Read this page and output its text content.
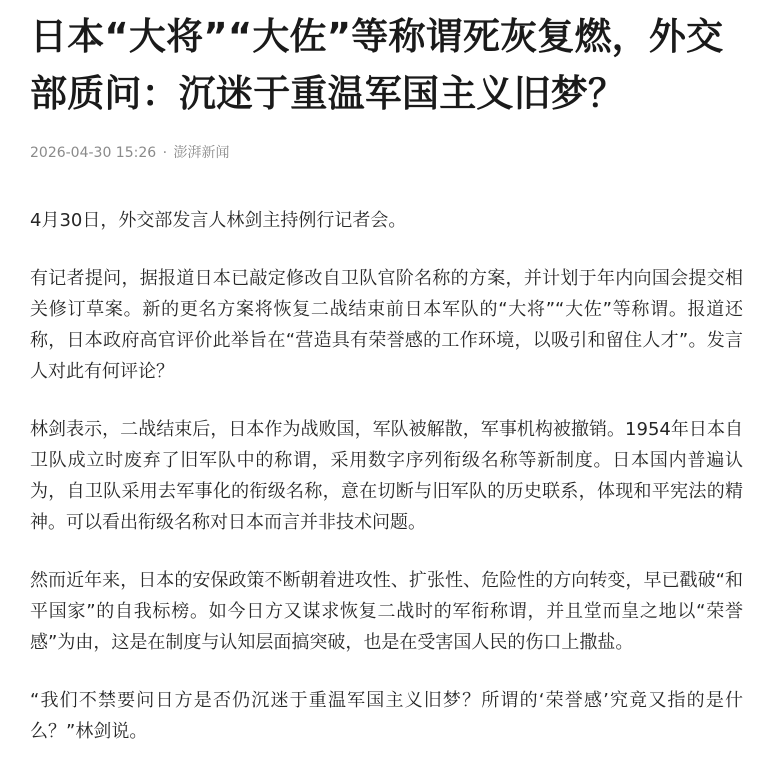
日本“大将”“大佐”等称谓死灰复燃，外交部质问：沉迷于重温军国主义旧梦？
2026-04-30 15:26 · 澎湃新闻

4月30日，外交部发言人林剑主持例行记者会。

有记者提问，据报道日本已敲定修改自卫队官阶名称的方案，并计划于年内向国会提交相关修订草案。新的更名方案将恢复二战结束前日本军队的“大将”“大佐”等称谓。报道还称，日本政府高官评价此举旨在“营造具有荣誉感的工作环境，以吸引和留住人才”。发言人对此有何评论？

林剑表示，二战结束后，日本作为战败国，军队被解散，军事机构被撤销。1954年日本自卫队成立时废弃了旧军队中的称谓，采用数字序列衔级名称等新制度。日本国内普遍认为，自卫队采用去军事化的衔级名称，意在切断与旧军队的历史联系，体现和平宪法的精神。可以看出衔级名称对日本而言并非技术问题。

然而近年来，日本的安保政策不断朝着进攻性、扩张性、危险性的方向转变，早已戳破“和平国家”的自我标榜。如今日方又谋求恢复二战时的军衔称谓，并且堂而皇之地以“荣誉感”为由，这是在制度与认知层面搞突破，也是在受害国人民的伤口上撒盐。

“我们不禁要问日方是否仍沉迷于重温军国主义旧梦？所谓的‘荣誉感’究竟又指的是什么？”林剑说。
